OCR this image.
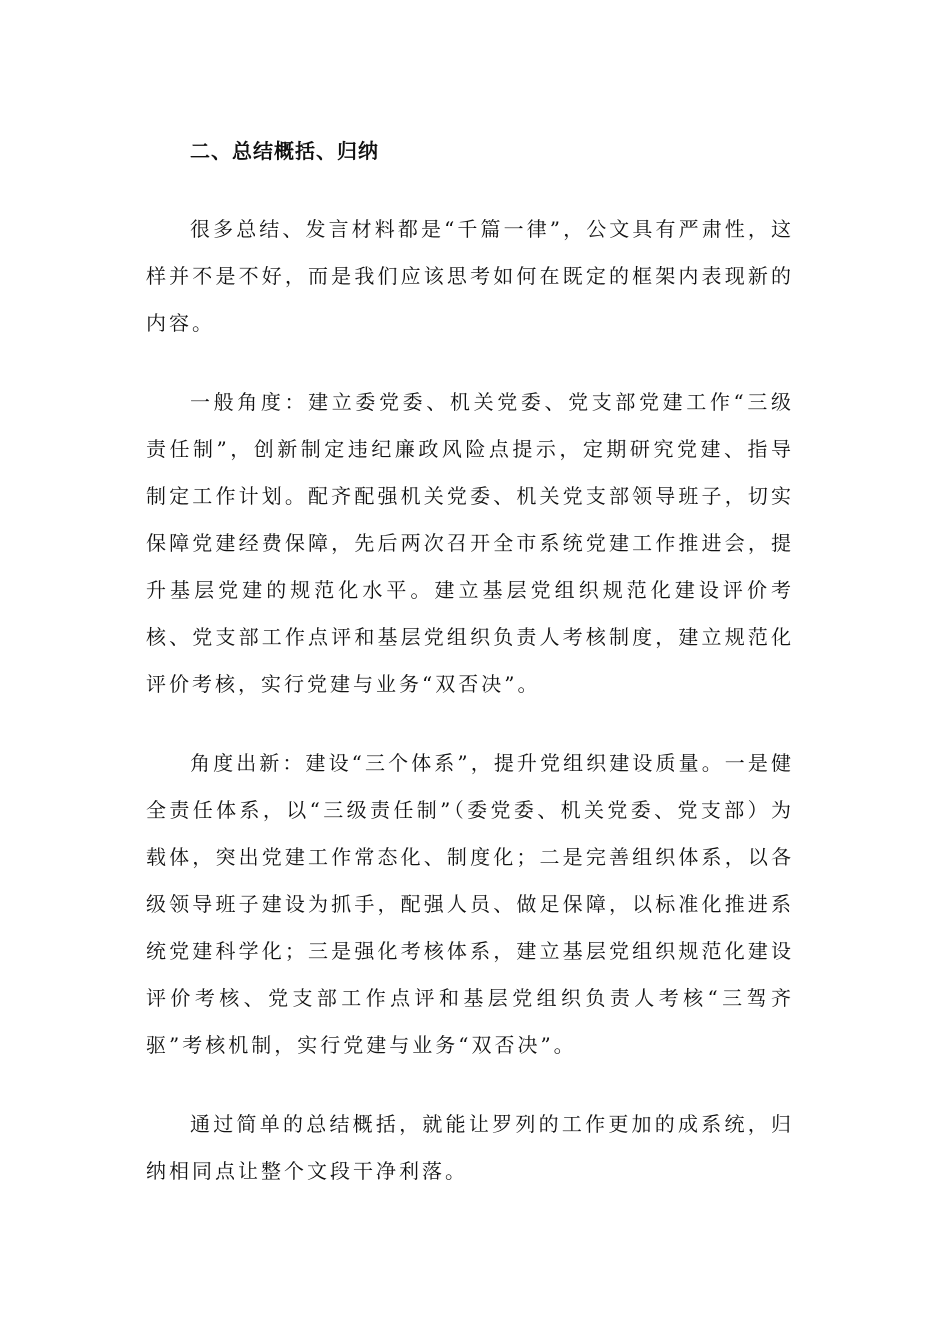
二、总结概括、归纳

很多总结、发言材料都是“千篇一律”，公文具有严肃性，这样并不是不好，而是我们应该思考如何在既定的框架内表现新的内容。

一般角度：建立委党委、机关党委、党支部党建工作“三级责任制”，创新制定违纪廉政风险点提示，定期研究党建、指导制定工作计划。配齐配强机关党委、机关党支部领导班子，切实保障党建经费保障，先后两次召开全市系统党建工作推进会，提升基层党建的规范化水平。建立基层党组织规范化建设评价考核、党支部工作点评和基层党组织负责人考核制度，建立规范化评价考核，实行党建与业务“双否决”。

角度出新：建设“三个体系”，提升党组织建设质量。一是健全责任体系，以“三级责任制”（委党委、机关党委、党支部）为载体，突出党建工作常态化、制度化；二是完善组织体系，以各级领导班子建设为抓手，配强人员、做足保障，以标准化推进系统党建科学化；三是强化考核体系，建立基层党组织规范化建设评价考核、党支部工作点评和基层党组织负责人考核“三驾齐驱”考核机制，实行党建与业务“双否决”。

通过简单的总结概括，就能让罗列的工作更加的成系统，归纳相同点让整个文段干净利落。
